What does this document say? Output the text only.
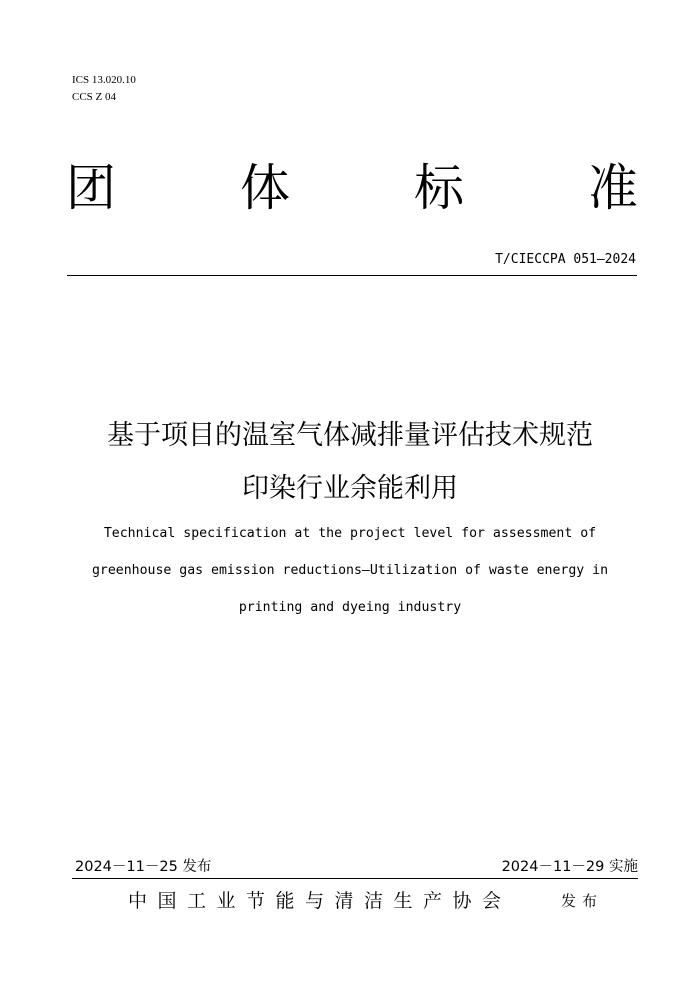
ICS 13.020.10
CCS Z 04
团 体 标 准
T/CIECCPA 051—2024
基于项目的温室气体减排量评估技术规范
印染行业余能利用
Technical specification at the project level for assessment of
greenhouse gas emission reductions—Utilization of waste energy in
printing and dyeing industry
2024－11－25 发布	2024－11－29 实施
中国工业节能与清洁生产协会	发布
